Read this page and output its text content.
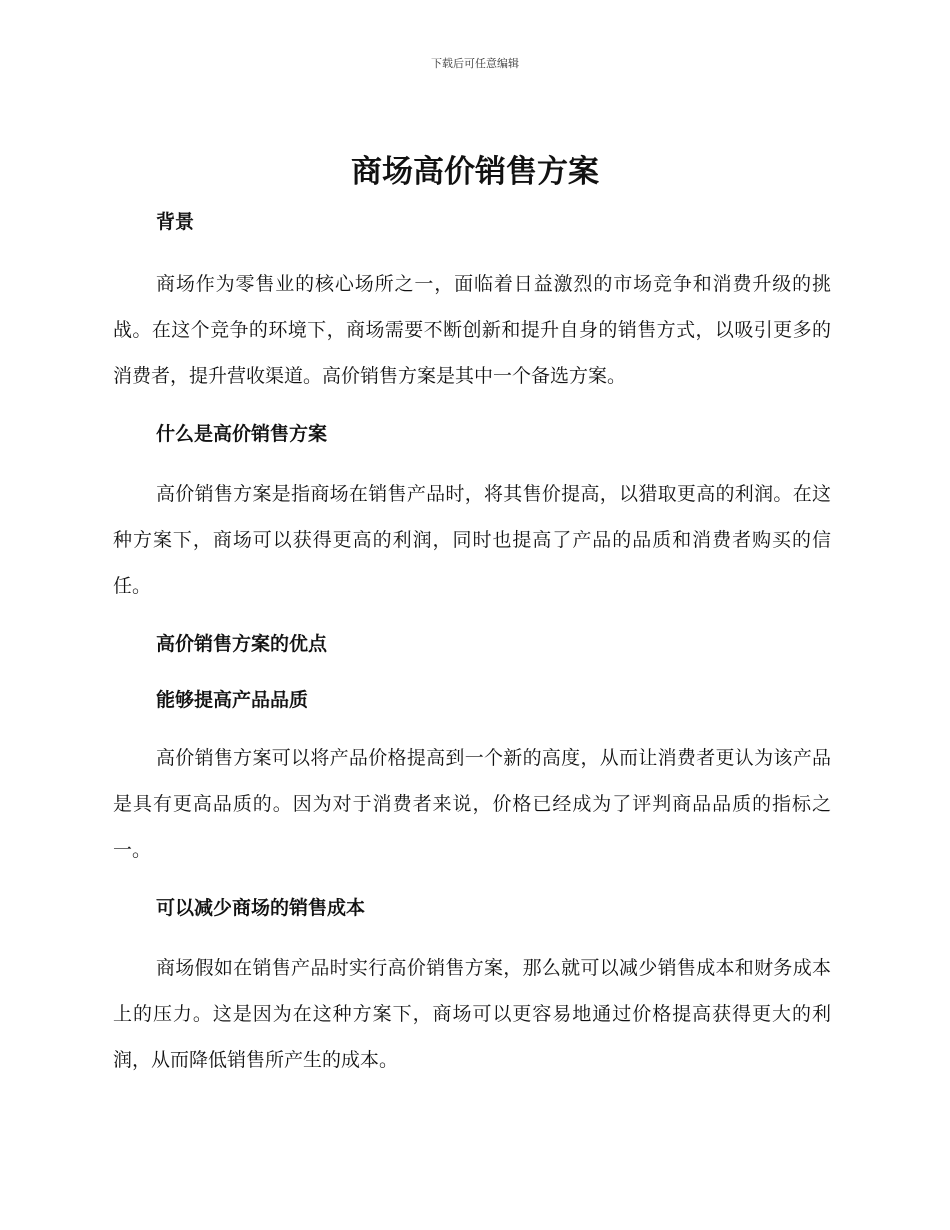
下载后可任意编辑
商场高价销售方案
背景

商场作为零售业的核心场所之一，面临着日益激烈的市场竞争和消费升级的挑战。在这个竞争的环境下，商场需要不断创新和提升自身的销售方式，以吸引更多的消费者，提升营收渠道。高价销售方案是其中一个备选方案。

什么是高价销售方案

高价销售方案是指商场在销售产品时，将其售价提高，以猎取更高的利润。在这种方案下，商场可以获得更高的利润，同时也提高了产品的品质和消费者购买的信任。

高价销售方案的优点
能够提高产品品质

高价销售方案可以将产品价格提高到一个新的高度，从而让消费者更认为该产品是具有更高品质的。因为对于消费者来说，价格已经成为了评判商品品质的指标之一。

可以减少商场的销售成本

商场假如在销售产品时实行高价销售方案，那么就可以减少销售成本和财务成本上的压力。这是因为在这种方案下，商场可以更容易地通过价格提高获得更大的利润，从而降低销售所产生的成本。
